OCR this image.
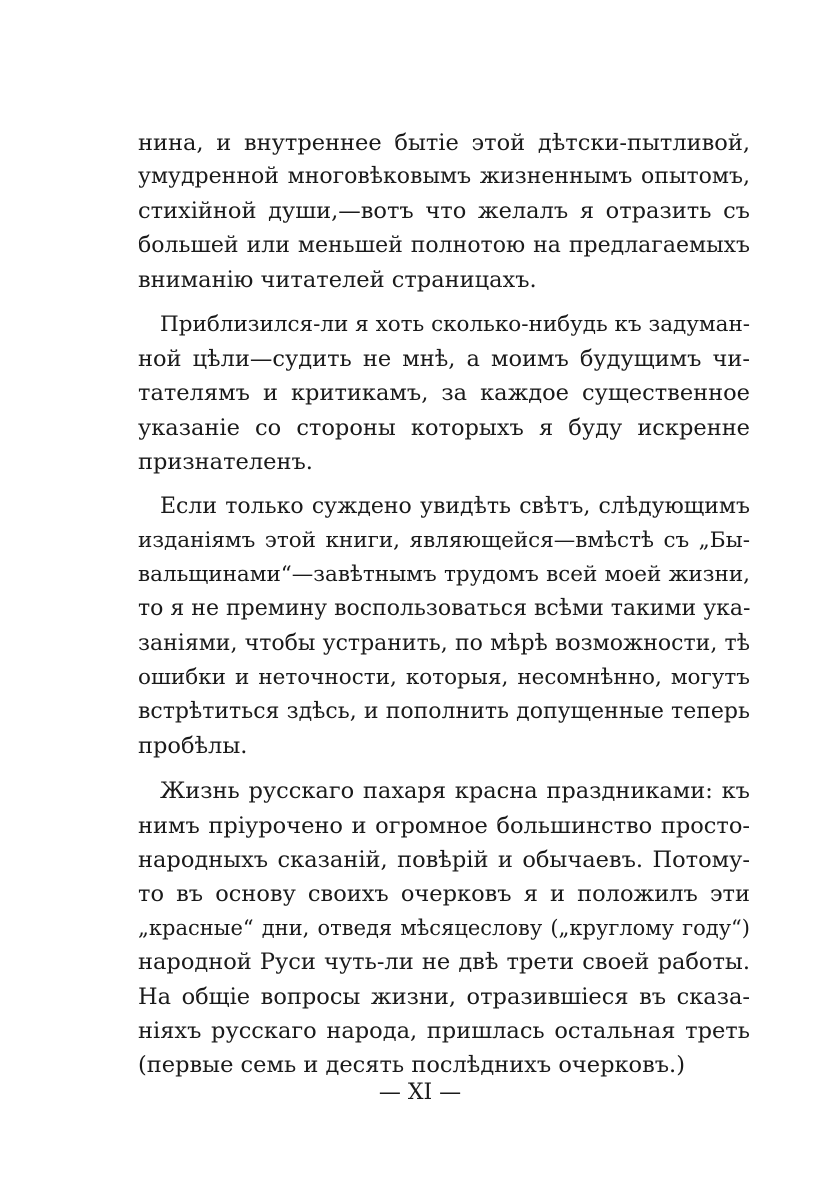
нина, и внутреннее бытiе этой дѣтски-пытливой,
умудренной многовѣковымъ жизненнымъ опытомъ,
стихiйной души,—вотъ что желалъ я отразить съ
большей или меньшей полнотою на предлагаемыхъ
вниманiю читателей страницахъ.
Приблизился-ли я хоть сколько-нибудь къ задуман-
ной цѣли—судить не мнѣ, а моимъ будущимъ чи-
тателямъ и критикамъ, за каждое существенное
указанiе со стороны которыхъ я буду искренне
признателенъ.
Если только суждено увидѣть свѣтъ, слѣдующимъ
изданiямъ этой книги, являющейся—вмѣстѣ съ „Бы-
вальщинами“—завѣтнымъ трудомъ всей моей жизни,
то я не премину воспользоваться всѣми такими ука-
занiями, чтобы устранить, по мѣрѣ возможности, тѣ
ошибки и неточности, которыя, несомнѣнно, могутъ
встрѣтиться здѣсь, и пополнить допущенные теперь
пробѣлы.
Жизнь русскаго пахаря красна праздниками: къ
нимъ прiурочено и огромное большинство просто-
народныхъ сказанiй, повѣрiй и обычаевъ. Потому-
то въ основу своихъ очерковъ я и положилъ эти
„красные“ дни, отведя мѣсяцеслову („круглому году“)
народной Руси чуть-ли не двѣ трети своей работы.
На общiе вопросы жизни, отразившiеся въ сказа-
нiяхъ русскаго народа, пришлась остальная треть
(первые семь и десять послѣднихъ очерковъ.)
— XI —
